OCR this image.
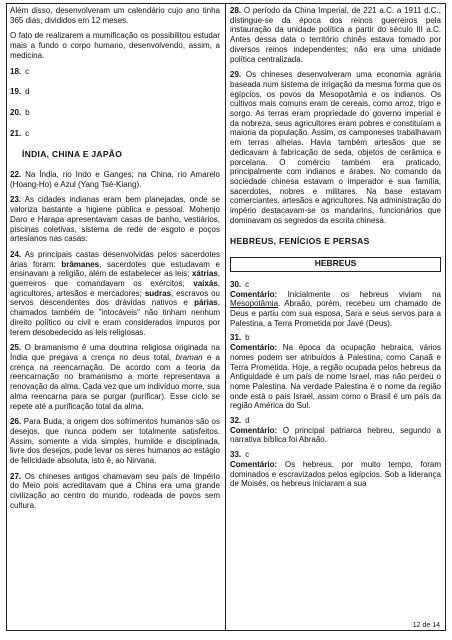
Além disso, desenvolveram um calendário cujo ano tinha 365 dias, divididos em 12 meses.

O fato de realizarem a mumificação os possibilitou estudar mais a fundo o corpo humano, desenvolvendo, assim, a medicina.

18. c
19. d
20. b
21. c
ÍNDIA, CHINA E JAPÃO

22. Na Índia, rio Indo e Ganges; na China, rio Amarelo (Hoang-Ho) e Azul (Yang Tsé-Kiang).

23. As cidades indianas eram bem planejadas, onde se valoriza bastante a higiene pública e pessoal. Mohenjo Daro e Harapa apresentavam casas de banho, vestiários, piscinas coletivas, sistema de rede de esgoto e poços artesianos nas casas.

24. As principais castas desenvolvidas pelos sacerdotes árias foram: brâmanes, sacerdotes que estudavam e ensinavam a religião, além de estabelecer as leis; xátrias, guerreiros que comandavam os exércitos; vaixás, agricultores, artesãos e mercadores; sudras, escravos ou servos descendentes dos drávidas nativos e párias, chamados também de "intocáveis" não tinham nenhum direito político ou civil e eram considerados impuros por terem desobedecido as leis religiosas.

25. O bramanismo é uma doutrina religiosa originada na Índia que pregava a crença no deus total, braman e a crença na reencarnação. De acordo com a teoria da reencarnação no bramanismo a morte representava a renovação da alma. Cada vez que um indivíduo morre, sua alma reencarna para se purgar (purificar). Esse ciclo se repete até a purificação total da alma.

26. Para Buda, a origem dos sofrimentos humanos são os desejos, que nunca podem ser totalmente satisfeitos. Assim, somente a vida simples, humilde e disciplinada, livre dos desejos, pode levar os seres humanos ao estágio de felicidade absoluta, isto é, ao Nirvana.

27. Os chineses antigos chamavam seu país de Império do Meio pois acreditavam que a China era uma grande civilização ao centro do mundo, rodeada de povos sem cultura.

28. O período da China Imperial, de 221 a.C. a 1911 d.C., distingue-se da época dos reinos guerreiros pela instauração da unidade política a partir do século III a.C. Antes dessa data o território chinês estava tomado por diversos reinos independentes; não era uma unidade política centralizada.

29. Os chineses desenvolveram uma economia agrária baseada num sistema de irrigação da mesma forma que os egípcios, os povos da Mesopotâmia e os indianos. Os cultivos mais comuns eram de cereais, como arroz, trigo e sorgo. As terras eram propriedade do governo imperial e da nobreza, seus agricultores eram pobres e constituíam a maioria da população. Assim, os camponeses trabalhavam em terras alheias. Havia também artesãos que se dedicavam à fabricação de seda, objetos de cerâmica e porcelana. O comércio também era praticado, principalmente com indianos e árabes. No comando da sociedade chinesa estavam o imperador e sua família, sacerdotes, nobres e militares. Na base estavam comerciantes, artesãos e agricultores. Na administração do império destacavam-se os mandarins, funcionários que dominavam os segredos da escrita chinesa.

HEBREUS, FENÍCIOS E PERSAS
HEBREUS
30. c

Comentário: Inicialmente os hebreus viviam na Mesopotâmia. Abraão, porém, recebeu um chamado de Deus e partiu com sua esposa, Sara e seus servos para a Palestina, a Terra Prometida por Javé (Deus).

31. b

Comentário: Na época da ocupação hebraica, vários nomes podem ser atribuídos à Palestina, como Canaã e Terra Prometida. Hoje, a região ocupada pelos hebreus da Antiguidade é um país de nome Israel, mas não perdeu o nome Palestina. Na verdade Palestina é o nome da região onde está o país Israel, assim como o Brasil é um país da região América do Sul.

32. d

Comentário: O principal patriarca hebreu, segundo a narrativa bíblica foi Abraão.

33. c

Comentário: Os hebreus, por muito tempo, foram dominados e escravizados pelos egípcios. Sob a liderança de Moisés, os hebreus iniciaram a sua

12 de 14
